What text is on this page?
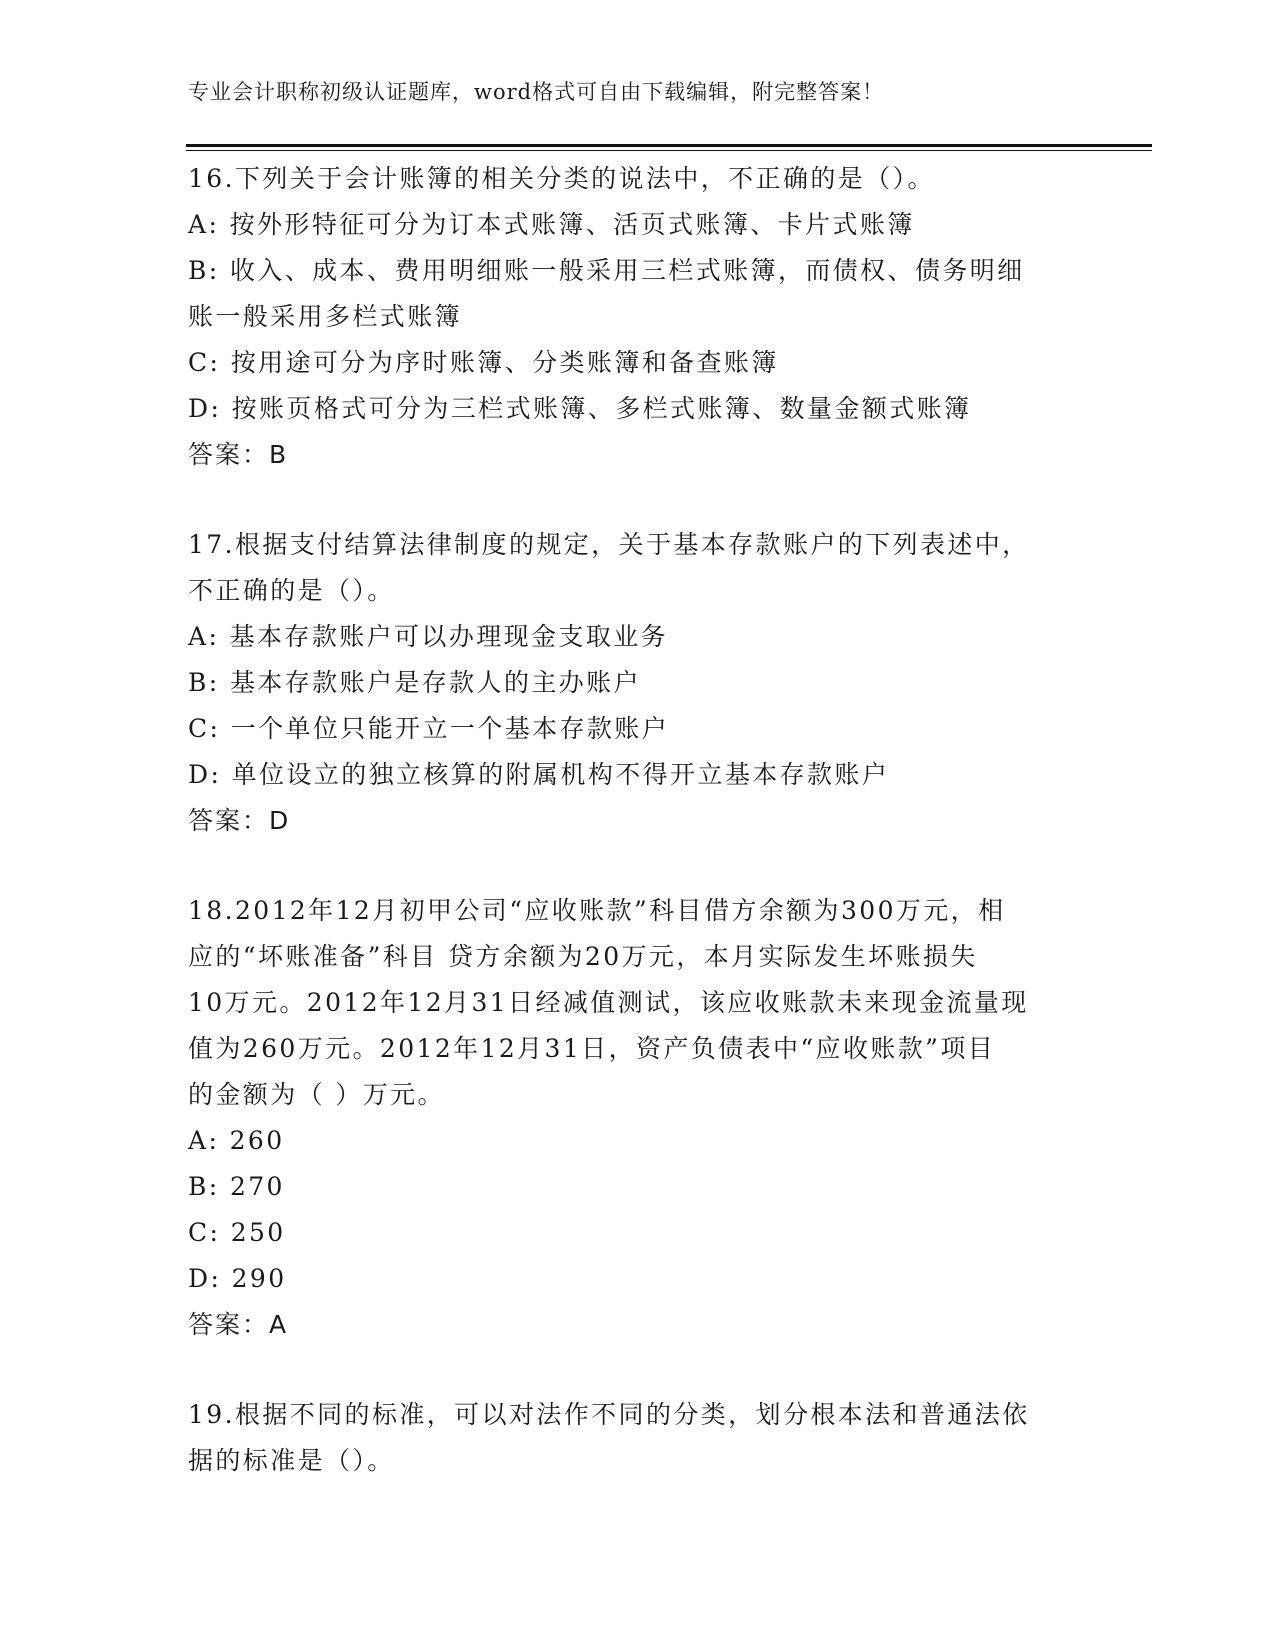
专业会计职称初级认证题库，word格式可自由下载编辑，附完整答案！

16.下列关于会计账簿的相关分类的说法中，不正确的是（）。

A: 按外形特征可分为订本式账簿、活页式账簿、卡片式账簿

B: 收入、成本、费用明细账一般采用三栏式账簿，而债权、债务明细

账一般采用多栏式账簿

C: 按用途可分为序时账簿、分类账簿和备查账簿

D: 按账页格式可分为三栏式账簿、多栏式账簿、数量金额式账簿

答案：B

17.根据支付结算法律制度的规定，关于基本存款账户的下列表述中，

不正确的是（）。

A: 基本存款账户可以办理现金支取业务

B: 基本存款账户是存款人的主办账户

C: 一个单位只能开立一个基本存款账户

D: 单位设立的独立核算的附属机构不得开立基本存款账户

答案：D

18.2012年12月初甲公司“应收账款”科目借方余额为300万元，相

应的“坏账准备”科目 贷方余额为20万元，本月实际发生坏账损失

10万元。2012年12月31日经减值测试，该应收账款未来现金流量现

值为260万元。2012年12月31日，资产负债表中“应收账款”项目

的金额为（ ）万元。

A: 260

B: 270

C: 250

D: 290

答案：A

19.根据不同的标准，可以对法作不同的分类，划分根本法和普通法依

据的标准是（）。
